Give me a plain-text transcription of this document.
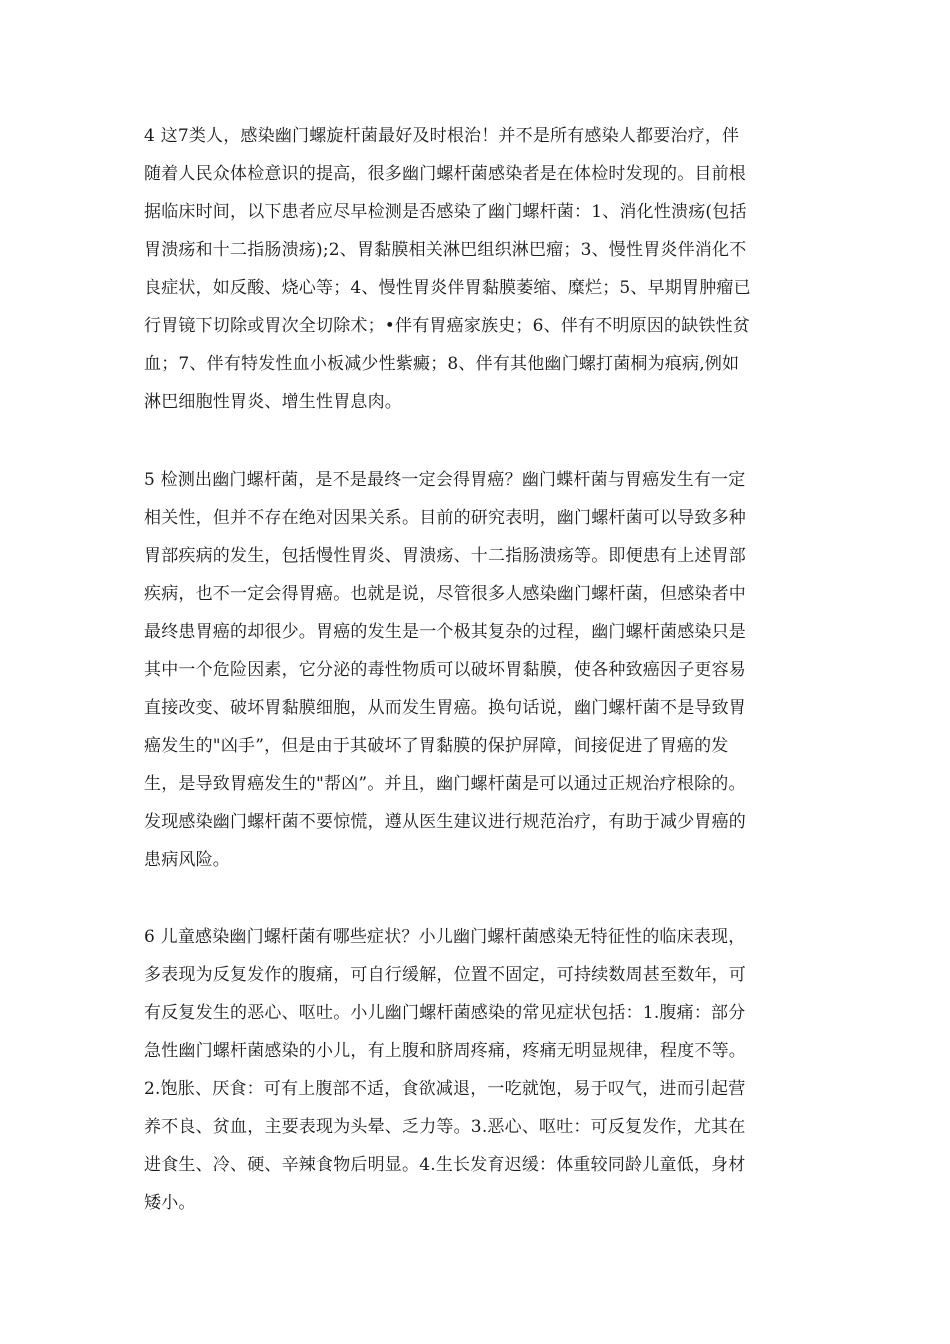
4 这7类人，感染幽门螺旋杆菌最好及时根治！并不是所有感染人都要治疗，伴
随着人民众体检意识的提高，很多幽门螺杆菌感染者是在体检时发现的。目前根
据临床时间，以下患者应尽早检测是否感染了幽门螺杆菌：1、消化性溃疡(包括
胃溃疡和十二指肠溃疡);2、胃黏膜相关淋巴组织淋巴瘤；3、慢性胃炎伴消化不
良症状，如反酸、烧心等；4、慢性胃炎伴胃黏膜萎缩、糜烂；5、早期胃肿瘤已
行胃镜下切除或胃次全切除术；•伴有胃癌家族史；6、伴有不明原因的缺铁性贫
血；7、伴有特发性血小板减少性紫癜；8、伴有其他幽门螺打菌桐为痕病,例如
淋巴细胞性胃炎、增生性胃息肉。
5 检测出幽门螺杆菌，是不是最终一定会得胃癌？幽门蝶杆菌与胃癌发生有一定
相关性，但并不存在绝对因果关系。目前的研究表明，幽门螺杆菌可以导致多种
胃部疾病的发生，包括慢性胃炎、胃溃疡、十二指肠溃疡等。即便患有上述胃部
疾病，也不一定会得胃癌。也就是说，尽管很多人感染幽门螺杆菌，但感染者中
最终患胃癌的却很少。胃癌的发生是一个极其复杂的过程，幽门螺杆菌感染只是
其中一个危险因素，它分泌的毒性物质可以破坏胃黏膜，使各种致癌因子更容易
直接改变、破坏胃黏膜细胞，从而发生胃癌。换句话说，幽门螺杆菌不是导致胃
癌发生的"凶手”，但是由于其破坏了胃黏膜的保护屏障，间接促进了胃癌的发
生，是导致胃癌发生的"帮凶”。并且，幽门螺杆菌是可以通过正规治疗根除的。
发现感染幽门螺杆菌不要惊慌，遵从医生建议进行规范治疗，有助于减少胃癌的
患病风险。
6 儿童感染幽门螺杆菌有哪些症状？小儿幽门螺杆菌感染无特征性的临床表现，
多表现为反复发作的腹痛，可自行缓解，位置不固定，可持续数周甚至数年，可
有反复发生的恶心、呕吐。小儿幽门螺杆菌感染的常见症状包括：1.腹痛：部分
急性幽门螺杆菌感染的小儿，有上腹和脐周疼痛，疼痛无明显规律，程度不等。
2.饱胀、厌食：可有上腹部不适，食欲减退，一吃就饱，易于叹气，进而引起营
养不良、贫血，主要表现为头晕、乏力等。3.恶心、呕吐：可反复发作，尤其在
进食生、冷、硬、辛辣食物后明显。4.生长发育迟缓：体重较同龄儿童低，身材
矮小。
